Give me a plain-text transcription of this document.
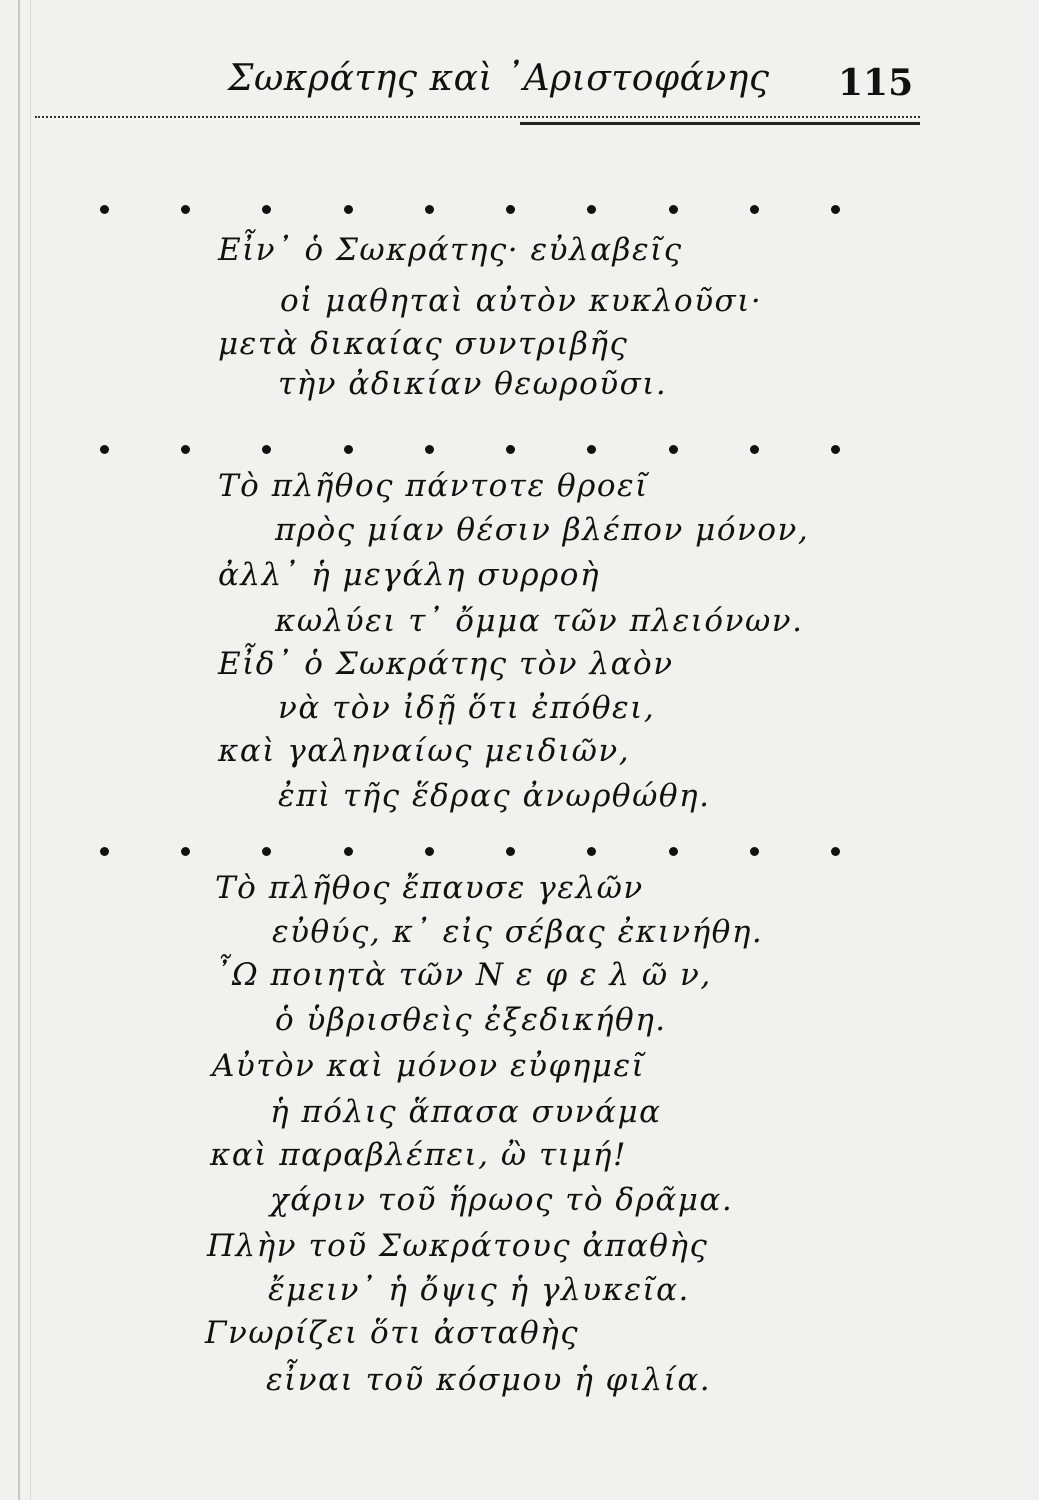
Σωκράτης καὶ ᾽Αριστοφάνης 115
Εἶν᾽ ὁ Σωκράτης· εὐλαβεῖς
οἱ μαθηταὶ αὐτὸν κυκλοῦσι·
μετὰ δικαίας συντριβῆς
τὴν ἀδικίαν θεωροῦσι.
Τὸ πλῆθος πάντοτε θροεῖ
πρὸς μίαν θέσιν βλέπον μόνον,
ἀλλ᾽ ἡ μεγάλη συρροὴ
κωλύει τ᾽ ὄμμα τῶν πλειόνων.
Εἶδ᾽ ὁ Σωκράτης τὸν λαὸν
νὰ τὸν ἰδῇ ὅτι ἐπόθει,
καὶ γαληναίως μειδιῶν,
ἐπὶ τῆς ἕδρας ἀνωρθώθη.
Τὸ πλῆθος ἔπαυσε γελῶν
εὐθύς, κ᾽ εἰς σέβας ἐκινήθη.
῏Ω ποιητὰ τῶν Ν ε φ ε λ ῶ ν,
ὁ ὑβρισθεὶς ἐξεδικήθη.
Αὐτὸν καὶ μόνον εὐφημεῖ
ἡ πόλις ἅπασα συνάμα
καὶ παραβλέπει, ὢ τιμή!
χάριν τοῦ ἥρωος τὸ δρᾶμα.
Πλὴν τοῦ Σωκράτους ἀπαθὴς
ἔμειν᾽ ἡ ὄψις ἡ γλυκεῖα.
Γνωρίζει ὅτι ἀσταθὴς
εἶναι τοῦ κόσμου ἡ φιλία.
